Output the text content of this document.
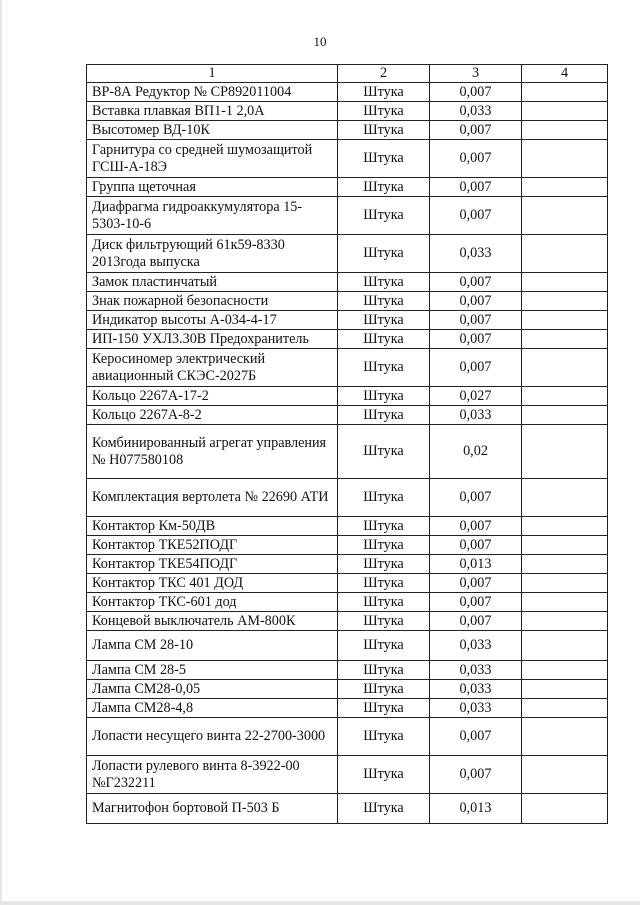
10
1	2	3	4
ВР-8А Редуктор № СР892011004	Штука	0,007	
Вставка плавкая ВП1-1 2,0А	Штука	0,033	
Высотомер ВД-10К	Штука	0,007	
Гарнитура со средней шумозащитой ГСШ-А-18Э	Штука	0,007	
Группа щеточная	Штука	0,007	
Диафрагма гидроаккумулятора 15-5303-10-6	Штука	0,007	
Диск фильтрующий 61к59-8330 2013года выпуска	Штука	0,033	
Замок пластинчатый	Штука	0,007	
Знак пожарной безопасности	Штука	0,007	
Индикатор высоты А-034-4-17	Штука	0,007	
ИП-150 УХЛ3.30В Предохранитель	Штука	0,007	
Керосиномер электрический авиационный СКЭС-2027Б	Штука	0,007	
Кольцо 2267А-17-2	Штука	0,027	
Кольцо 2267А-8-2	Штука	0,033	
Комбинированный агрегат управления № Н077580108	Штука	0,02	
Комплектация вертолета № 22690 АТИ	Штука	0,007	
Контактор Км-50ДВ	Штука	0,007	
Контактор ТКЕ52ПОДГ	Штука	0,007	
Контактор ТКЕ54ПОДГ	Штука	0,013	
Контактор ТКС 401 ДОД	Штука	0,007	
Контактор ТКС-601 дод	Штука	0,007	
Концевой выключатель АМ-800К	Штука	0,007	
Лампа СМ 28-10	Штука	0,033	
Лампа СМ 28-5	Штука	0,033	
Лампа СМ28-0,05	Штука	0,033	
Лампа СМ28-4,8	Штука	0,033	
Лопасти несущего винта 22-2700-3000	Штука	0,007	
Лопасти рулевого винта 8-3922-00 №Г232211	Штука	0,007	
Магнитофон бортовой П-503 Б	Штука	0,013	
